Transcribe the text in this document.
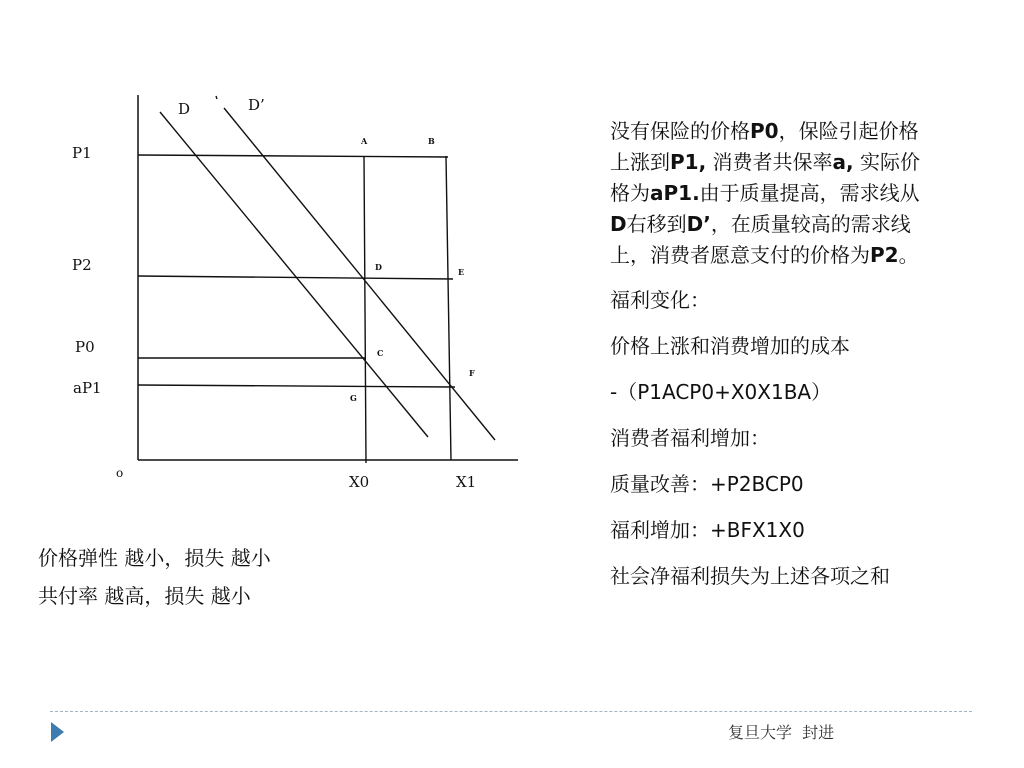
D	D’
P1
P2
P0
aP1
o	X0	X1
A	B
D	E
C
F
G
没有保险的价格P0，保险引起价格上涨到P1, 消费者共保率a, 实际价格为aP1.由于质量提高，需求线从D右移到D’，在质量较高的需求线上，消费者愿意支付的价格为P2。
福利变化：
价格上涨和消费增加的成本
-（P1ACP0+X0X1BA）
消费者福利增加：
质量改善：+P2BCP0
福利增加：+BFX1X0
社会净福利损失为上述各项之和
价格弹性 越小，损失 越小
共付率 越高，损失 越小
复旦大学  封进
